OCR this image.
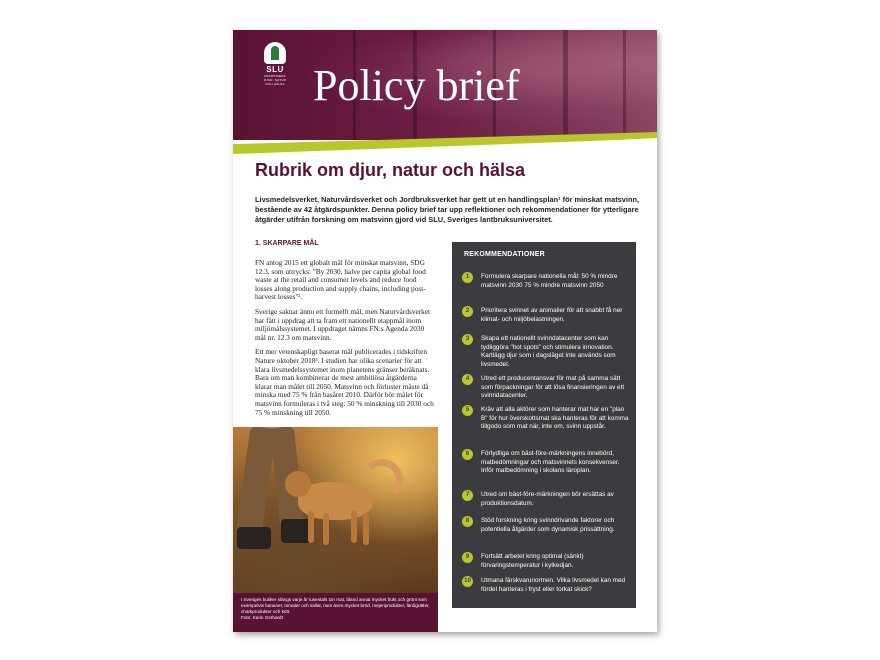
SLU
FRAMTIDENS
DJUR, NATUR
OCH HÄLSA Policy brief
Rubrik om djur, natur och hälsa
Livsmedelsverket, Naturvårdsverket och Jordbruksverket har gett ut en handlingsplan¹ för minskat matsvinn, bestående av 42 åtgärdspunkter. Denna policy brief tar upp reflektioner och rekommendationer för ytterligare åtgärder utifrån forskning om matsvinn gjord vid SLU, Sveriges lantbruksuniversitet.
1. SKARPARE MÅL

FN antog 2015 ett globalt mål för minskat matsvinn, SDG 12.3, som uttrycks: "By 2030, halve per capita global food waste at the retail and consumer levels and reduce food losses along production and supply chains, including post-harvest losses"².

Sverige saknar ännu ett formellt mål, men Naturvårdsverket har fått i uppdrag att ta fram ett nationellt etappmål inom miljömålssystemet. I uppdraget nämns FN:s Agenda 2030 mål nr. 12.3 om matsvinn.

Ett mer vetenskapligt baserat mål publicerades i tidskriften Nature oktober 2018³. I studien har olika scenarier för att klara livsmedelssystemet inom planetens gränser beräknats. Bara om man kombinerar de mest ambitiösa åtgärderna klarar man målet till 2050. Matsvinn och förluster måste då minska med 75 % från basåret 2010. Därför bör målet för matsvinn formuleras i två steg: 50 % minskning till 2030 och 75 % minskning till 2050.

I Sveriges butiker slängs varje år tusentals ton mat, bland annat mycket frukt och grönt som exempelvis bananer, tomater och sallat, men även mycket bröd, mejeriprodukter, färdigrätter, charkprodukter och kött.
Foto: Karin Gerhardt
REKOMMENDATIONER
1	Formulera skarpare nationella mål: 50 % mindre matsvinn 2030 75 % mindre matsvinn 2050
2	Prioritera svinnet av animalier för att snabbt få ner klimat- och miljöbelastningen.
3	Skapa ett nationellt svinndatacenter som kan tydliggöra "hot spots" och stimulera innovation. Kartlägg djur som i dagsläget inte används som livsmedel.
4	Utred ett producentansvar för mat på samma sätt som förpackningar för att lösa finansieringen av ett svinndatacenter.
5	Kräv att alla aktörer som hanterar mat har en "plan B" för hur överskottsmat ska hanteras för att komma tillgodo som mat när, inte om, svinn uppstår.
6	Förtydliga om bäst-före-märkningens innebörd, matbedömningar och matsvinnets konsekvenser. Inför matbedömning i skolans läroplan.
7	Utred om bäst-före-märkningen bör ersättas av produktionsdatum.
8	Stöd forskning kring svinndrivande faktorer och potentiella åtgärder som dynamisk prissättning.
9	Fortsätt arbetet kring optimal (sänkt) förvaringstemperatur i kylkedjan.
10	Utmana färskvarunormen. Vilka livsmedel kan med fördel hanteras i fryst eller torkat skick?
